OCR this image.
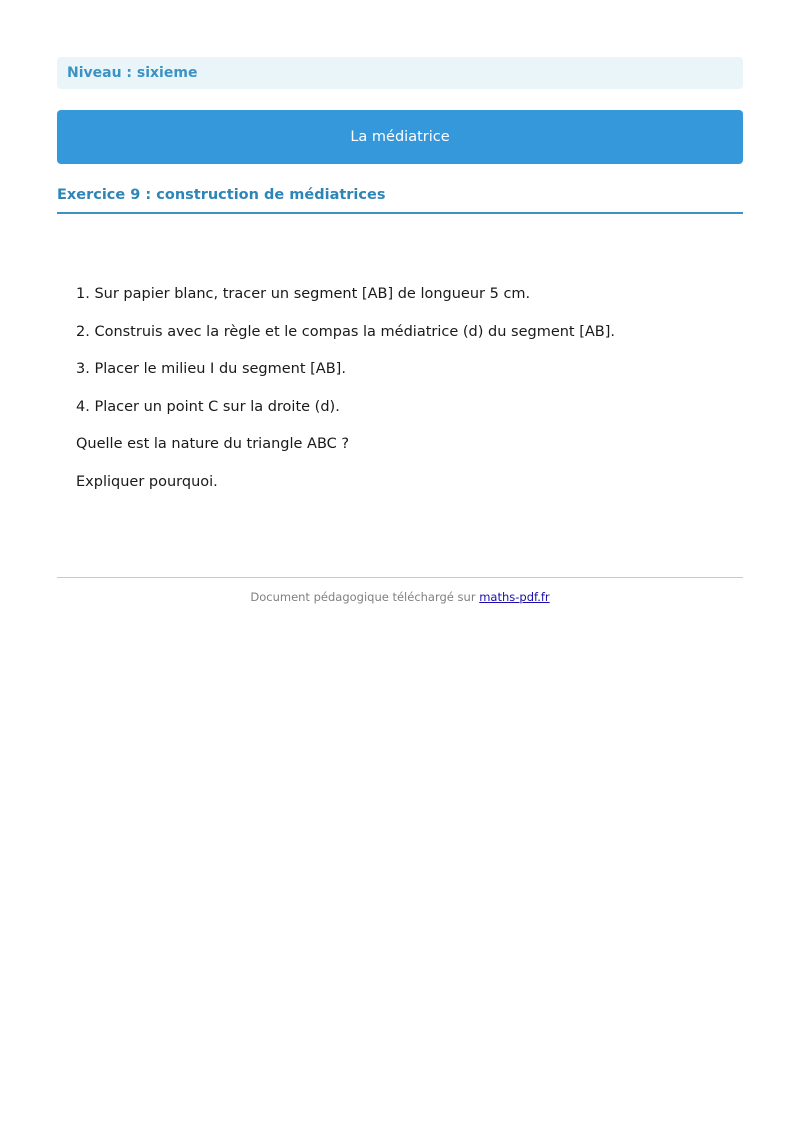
Niveau : sixieme
La médiatrice
Exercice 9 : construction de médiatrices
1. Sur papier blanc, tracer un segment [AB] de longueur 5 cm.
2. Construis avec la règle et le compas la médiatrice (d) du segment [AB].
3. Placer le milieu I du segment [AB].
4. Placer un point C sur la droite (d).
Quelle est la nature du triangle ABC ?
Expliquer pourquoi.
Document pédagogique téléchargé sur maths-pdf.fr
